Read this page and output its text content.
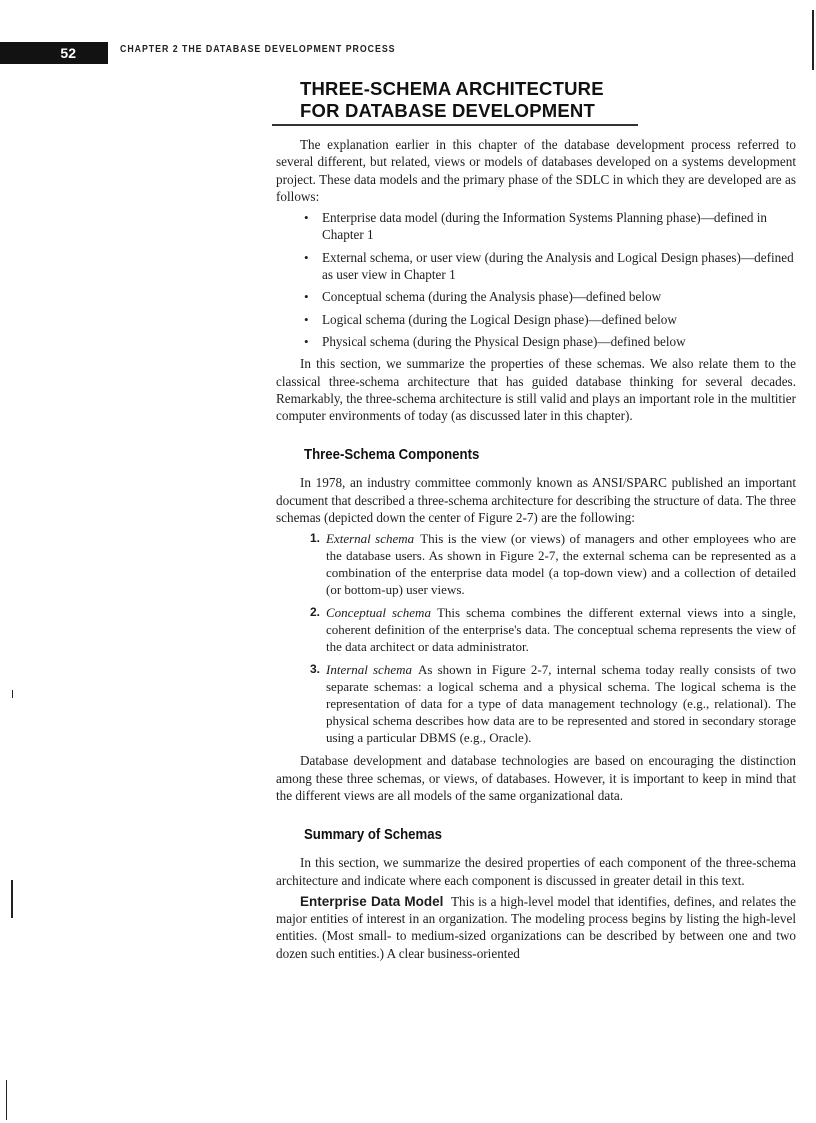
52	CHAPTER 2 THE DATABASE DEVELOPMENT PROCESS
THREE-SCHEMA ARCHITECTURE
FOR DATABASE DEVELOPMENT

The explanation earlier in this chapter of the database development process referred to several different, but related, views or models of databases developed on a systems development project. These data models and the primary phase of the SDLC in which they are developed are as follows:

• Enterprise data model (during the Information Systems Planning phase)—defined in Chapter 1
• External schema, or user view (during the Analysis and Logical Design phases)—defined as user view in Chapter 1
• Conceptual schema (during the Analysis phase)—defined below
• Logical schema (during the Logical Design phase)—defined below
• Physical schema (during the Physical Design phase)—defined below

In this section, we summarize the properties of these schemas. We also relate them to the classical three-schema architecture that has guided database thinking for several decades. Remarkably, the three-schema architecture is still valid and plays an important role in the multitier computer environments of today (as discussed later in this chapter).

Three-Schema Components

In 1978, an industry committee commonly known as ANSI/SPARC published an important document that described a three-schema architecture for describing the structure of data. The three schemas (depicted down the center of Figure 2-7) are the following:

1. External schema This is the view (or views) of managers and other employees who are the database users. As shown in Figure 2-7, the external schema can be represented as a combination of the enterprise data model (a top-down view) and a collection of detailed (or bottom-up) user views.
2. Conceptual schema This schema combines the different external views into a single, coherent definition of the enterprise's data. The conceptual schema represents the view of the data architect or data administrator.
3. Internal schema As shown in Figure 2-7, internal schema today really consists of two separate schemas: a logical schema and a physical schema. The logical schema is the representation of data for a type of data management technology (e.g., relational). The physical schema describes how data are to be represented and stored in secondary storage using a particular DBMS (e.g., Oracle).

Database development and database technologies are based on encouraging the distinction among these three schemas, or views, of databases. However, it is important to keep in mind that the different views are all models of the same organizational data.

Summary of Schemas

In this section, we summarize the desired properties of each component of the three-schema architecture and indicate where each component is discussed in greater detail in this text.

Enterprise Data Model This is a high-level model that identifies, defines, and relates the major entities of interest in an organization. The modeling process begins by listing the high-level entities. (Most small- to medium-sized organizations can be described by between one and two dozen such entities.) A clear business-oriented
